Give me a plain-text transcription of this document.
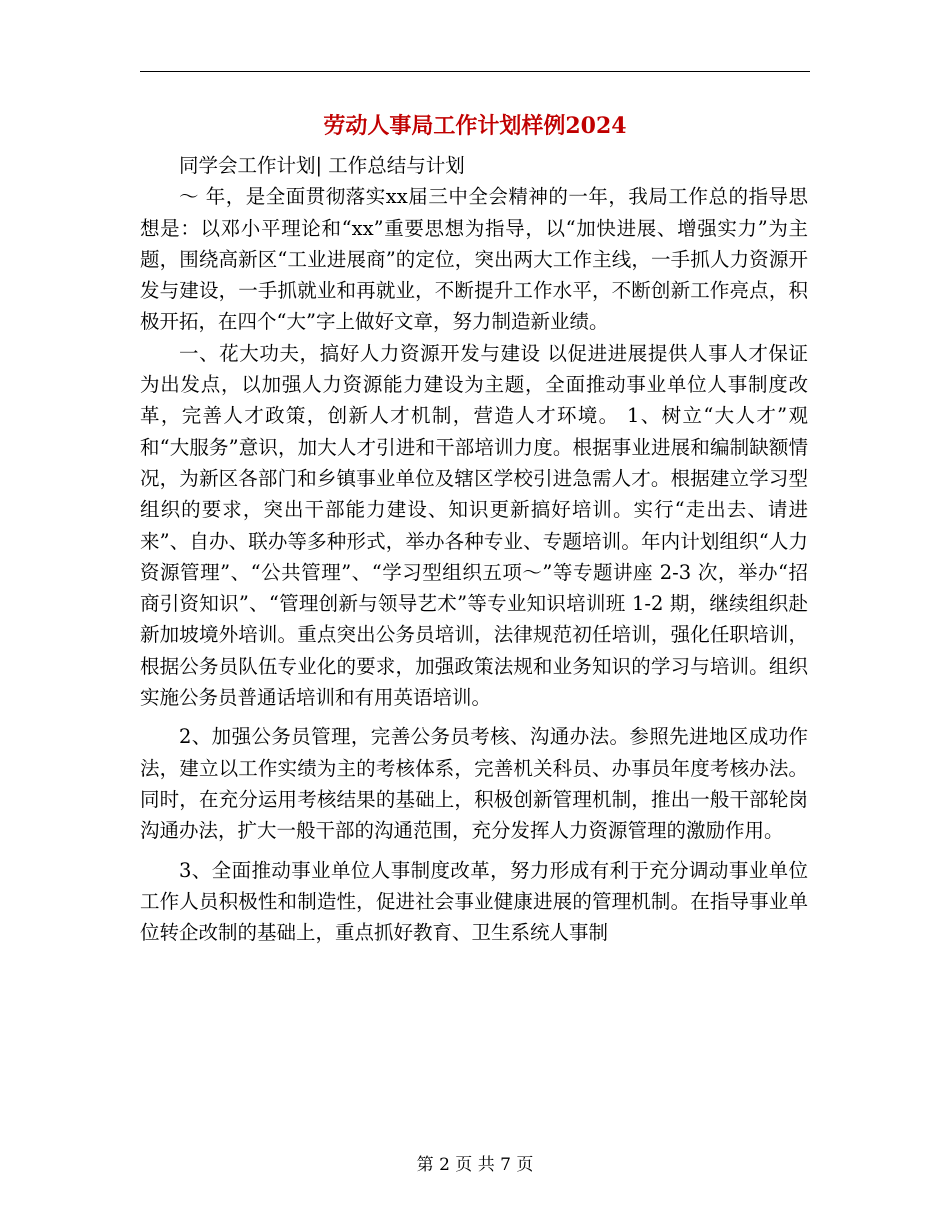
劳动人事局工作计划样例2024

同学会工作计划| 工作总结与计划

～ 年，是全面贯彻落实xx届三中全会精神的一年，我局工作总的指导思想是：以邓小平理论和“xx”重要思想为指导，以“加快进展、增强实力”为主题，围绕高新区“工业进展商”的定位，突出两大工作主线，一手抓人力资源开发与建设，一手抓就业和再就业，不断提升工作水平，不断创新工作亮点，积极开拓，在四个“大”字上做好文章，努力制造新业绩。

一、花大功夫，搞好人力资源开发与建设 以促进进展提供人事人才保证为出发点，以加强人力资源能力建设为主题，全面推动事业单位人事制度改革，完善人才政策，创新人才机制，营造人才环境。 1、树立“大人才”观和“大服务”意识，加大人才引进和干部培训力度。根据事业进展和编制缺额情况，为新区各部门和乡镇事业单位及辖区学校引进急需人才。根据建立学习型组织的要求，突出干部能力建设、知识更新搞好培训。实行“走出去、请进来”、自办、联办等多种形式，举办各种专业、专题培训。年内计划组织“人力资源管理”、“公共管理”、“学习型组织五项～”等专题讲座 2-3 次，举办“招商引资知识”、“管理创新与领导艺术”等专业知识培训班 1-2 期，继续组织赴新加坡境外培训。重点突出公务员培训，法律规范初任培训，强化任职培训，根据公务员队伍专业化的要求，加强政策法规和业务知识的学习与培训。组织实施公务员普通话培训和有用英语培训。

2、加强公务员管理，完善公务员考核、沟通办法。参照先进地区成功作法，建立以工作实绩为主的考核体系，完善机关科员、办事员年度考核办法。同时，在充分运用考核结果的基础上，积极创新管理机制，推出一般干部轮岗沟通办法，扩大一般干部的沟通范围，充分发挥人力资源管理的激励作用。

3、全面推动事业单位人事制度改革，努力形成有利于充分调动事业单位工作人员积极性和制造性，促进社会事业健康进展的管理机制。在指导事业单位转企改制的基础上，重点抓好教育、卫生系统人事制

第 2 页 共 7 页
